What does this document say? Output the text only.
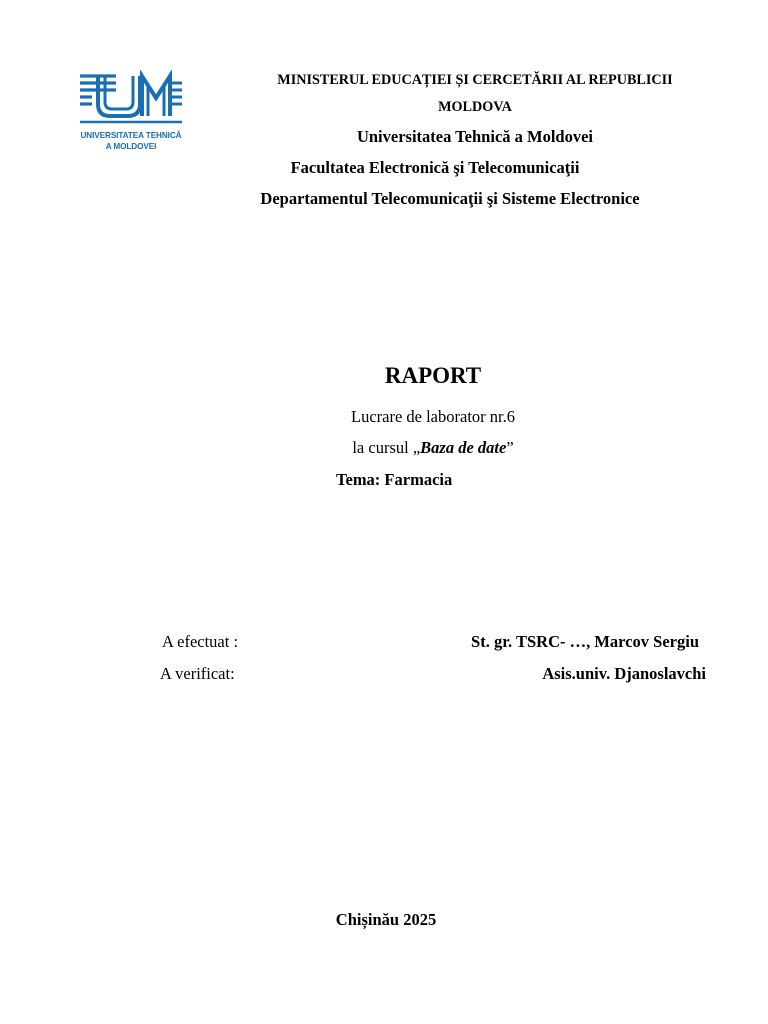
UNIVERSITATEA TEHNICĂ
A MOLDOVEI
MINISTERUL EDUCAȚIEI ȘI CERCETĂRII AL REPUBLICII
MOLDOVA
Universitatea Tehnică a Moldovei
Facultatea Electronică şi Telecomunicaţii
Departamentul Telecomunicaţii şi Sisteme Electronice
RAPORT
Lucrare de laborator nr.6
la cursul „Baza de date”
Tema: Farmacia
A efectuat :	St. gr. TSRC- …, Marcov Sergiu
A verificat:	Asis.univ. Djanoslavchi
Chișinău 2025
